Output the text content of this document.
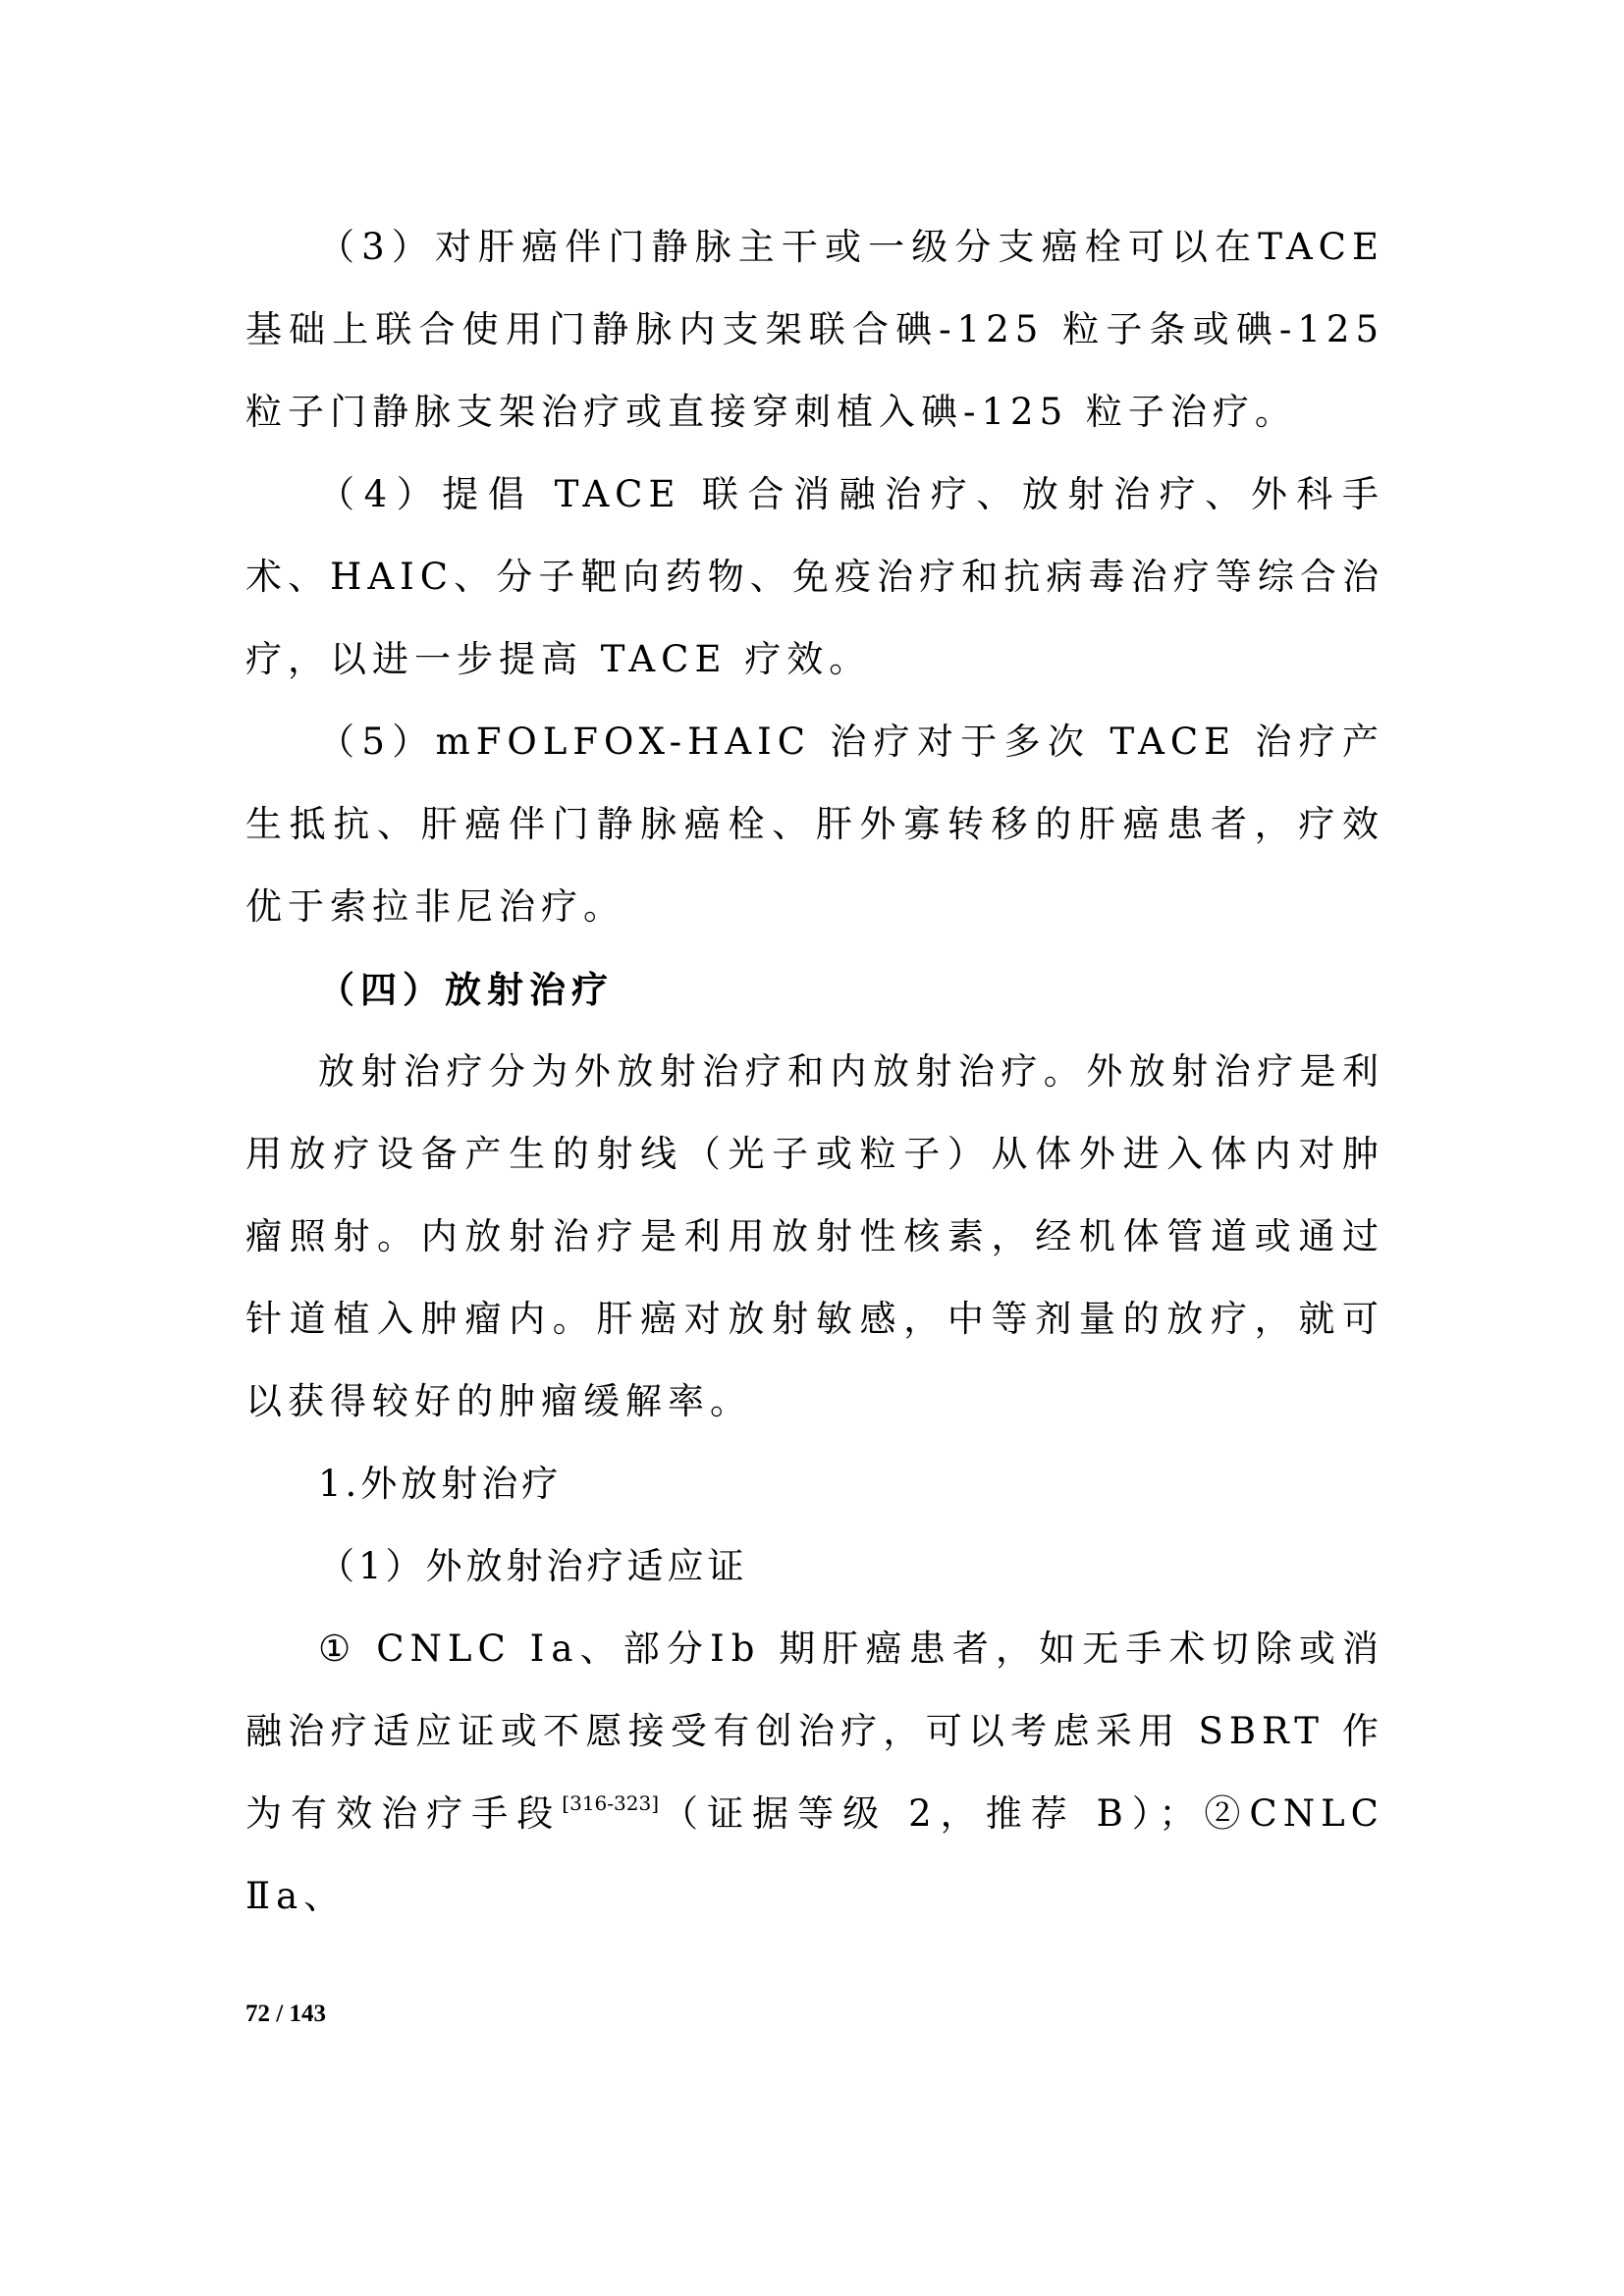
（3）对肝癌伴门静脉主干或一级分支癌栓可以在TACE 基础上联合使用门静脉内支架联合碘-125 粒子条或碘-125 粒子门静脉支架治疗或直接穿刺植入碘-125 粒子治疗。

（4）提倡 TACE 联合消融治疗、放射治疗、外科手术、HAIC、分子靶向药物、免疫治疗和抗病毒治疗等综合治疗，以进一步提高 TACE 疗效。

（5）mFOLFOX-HAIC 治疗对于多次 TACE 治疗产生抵抗、肝癌伴门静脉癌栓、肝外寡转移的肝癌患者，疗效优于索拉非尼治疗。

（四）放射治疗

放射治疗分为外放射治疗和内放射治疗。外放射治疗是利用放疗设备产生的射线（光子或粒子）从体外进入体内对肿瘤照射。内放射治疗是利用放射性核素，经机体管道或通过针道植入肿瘤内。肝癌对放射敏感，中等剂量的放疗，就可以获得较好的肿瘤缓解率。

1.外放射治疗

（1）外放射治疗适应证

① CNLC Ⅰa、部分Ⅰb 期肝癌患者，如无手术切除或消融治疗适应证或不愿接受有创治疗，可以考虑采用 SBRT 作为有效治疗手段[316-323]（证据等级 2，推荐 B）；②CNLC Ⅱa、

72 / 143
